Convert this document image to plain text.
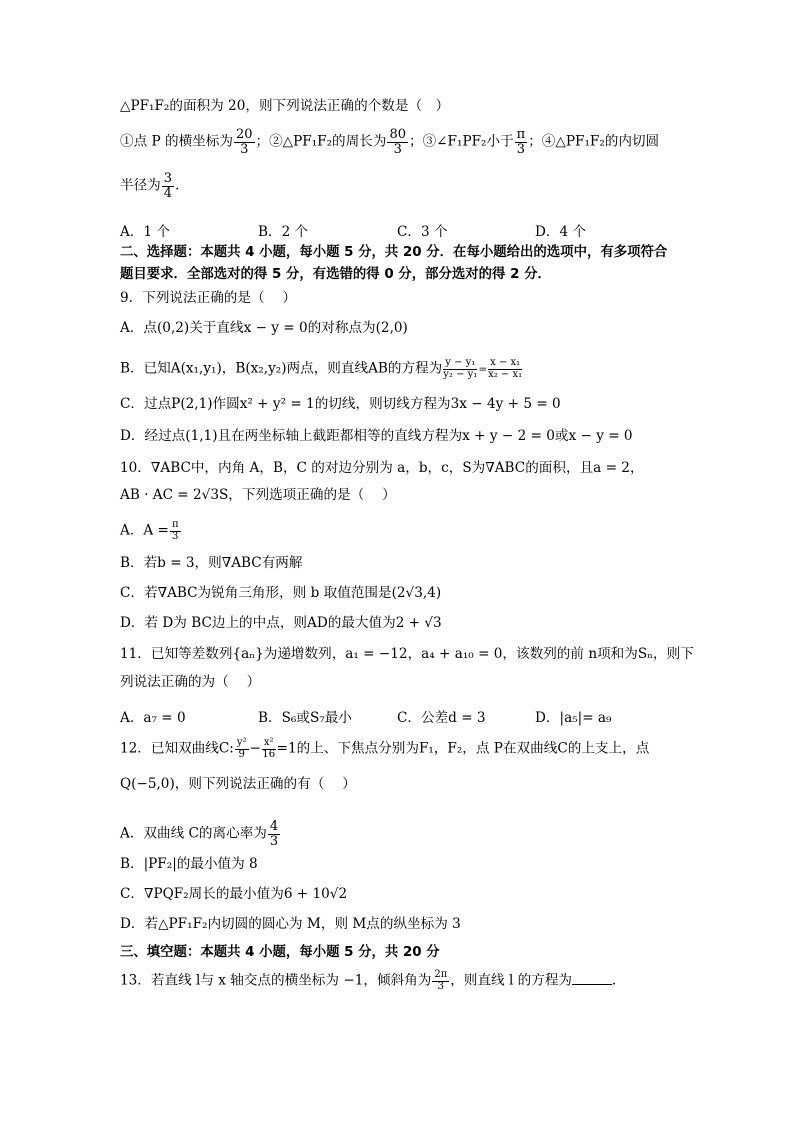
△PF₁F₂的面积为 20，则下列说法正确的个数是（　）
①点 P 的横坐标为 $\frac{20}{3}$ ；②△PF₁F₂的周长为 $\frac{80}{3}$ ；③∠F₁PF₂小于 $\frac{\pi}{3}$ ；④△PF₁F₂的内切圆
半径为 $\frac{3}{4}$ ．
A．1 个	B．2 个	C．3 个	D．4 个
二、选择题：本题共 4 小题，每小题 5 分，共 20 分．在每小题给出的选项中，有多项符合
题目要求．全部选对的得 5 分，有选错的得 0 分，部分选对的得 2 分．
9．下列说法正确的是（　 ）
A．点(0,2)关于直线x − y = 0的对称点为(2,0)
B．已知A(x₁,y₁)，B(x₂,y₂)两点，则直线AB的方程为 $\frac{\text{y − y₁}}{\text{y₂ − y₁}} = \frac{\text{x − x₁}}{\text{x₂ − x₁}}$
C．过点P(2,1)作圆x² + y² = 1的切线，则切线方程为3x − 4y + 5 = 0
D．经过点(1,1)且在两坐标轴上截距都相等的直线方程为x + y − 2 = 0或x − y = 0
10．∇ABC中，内角 A，B，C 的对边分别为 a，b，c，S为∇ABC的面积，且a = 2，
AB · AC = 2√3S，下列选项正确的是（　 ）
A．$A = \frac{\pi}{3}$
B．若b = 3，则∇ABC有两解
C．若∇ABC为锐角三角形，则 b 取值范围是(2√3,4)
D．若 D为 BC边上的中点，则AD的最大值为2 + √3
11．已知等差数列{aₙ}为递增数列，a₁ = −12，a₄ + a₁₀ = 0，该数列的前 n项和为Sₙ，则下
列说法正确的为（　 ）
A．a₇ = 0	B．S₆或S₇最小	C．公差d = 3	D．|a₅|= a₉
12．已知双曲线C: $\frac{\text{y²}}{9} - \frac{\text{x²}}{16} =1$的上、下焦点分别为F₁，F₂，点 P在双曲线C的上支上，点
Q(−5,0)，则下列说法正确的有（　 ）
A．双曲线 C的离心率为 $\frac{4}{3}$
B．|PF₂|的最小值为 8
C．∇PQF₂周长的最小值为6 + 10√2
D．若△PF₁F₂内切圆的圆心为 M，则 M点的纵坐标为 3
三、填空题：本题共 4 小题，每小题 5 分，共 20 分
13．若直线 l与 x 轴交点的横坐标为 −1，倾斜角为 $\frac{2\pi}{3}$ ，则直线 l 的方程为	．
